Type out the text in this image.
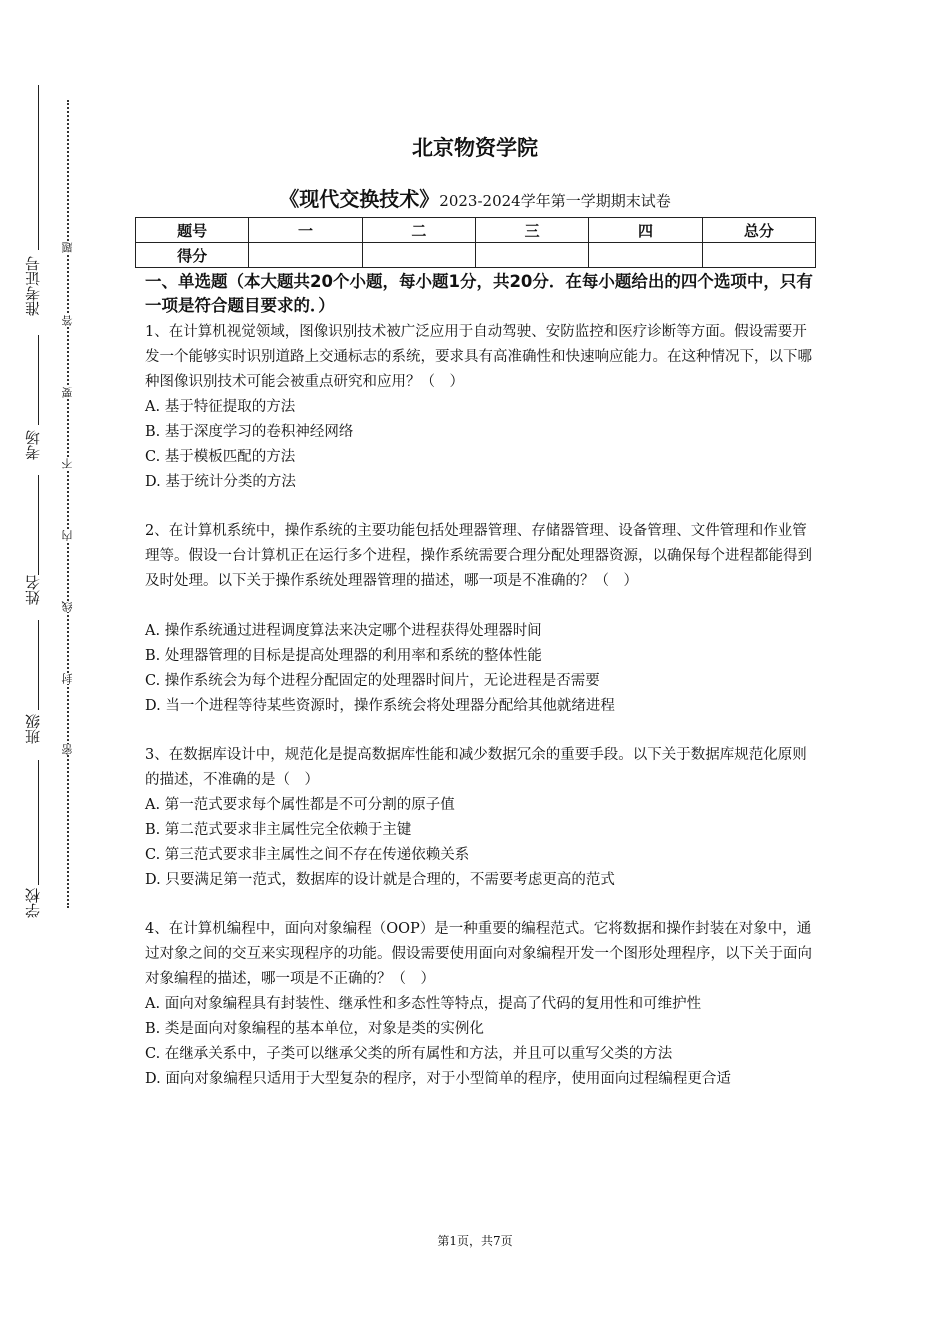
准考证号
考场
姓名
班级
学校
题
答
要
不
内
线
封
密
北京物资学院
《现代交换技术》2023-2024学年第一学期期末试卷
题号	一	二	三	四	总分
得分					
一、单选题（本大题共20个小题，每小题1分，共20分．在每小题给出的四个选项中，只有一项是符合题目要求的．）
1、在计算机视觉领域，图像识别技术被广泛应用于自动驾驶、安防监控和医疗诊断等方面。假设需要开发一个能够实时识别道路上交通标志的系统，要求具有高准确性和快速响应能力。在这种情况下，以下哪种图像识别技术可能会被重点研究和应用？（　）
A. 基于特征提取的方法
B. 基于深度学习的卷积神经网络
C. 基于模板匹配的方法
D. 基于统计分类的方法
2、在计算机系统中，操作系统的主要功能包括处理器管理、存储器管理、设备管理、文件管理和作业管理等。假设一台计算机正在运行多个进程，操作系统需要合理分配处理器资源，以确保每个进程都能得到及时处理。以下关于操作系统处理器管理的描述，哪一项是不准确的？（　）
A. 操作系统通过进程调度算法来决定哪个进程获得处理器时间
B. 处理器管理的目标是提高处理器的利用率和系统的整体性能
C. 操作系统会为每个进程分配固定的处理器时间片，无论进程是否需要
D. 当一个进程等待某些资源时，操作系统会将处理器分配给其他就绪进程
3、在数据库设计中，规范化是提高数据库性能和减少数据冗余的重要手段。以下关于数据库规范化原则的描述，不准确的是（　）
A. 第一范式要求每个属性都是不可分割的原子值
B. 第二范式要求非主属性完全依赖于主键
C. 第三范式要求非主属性之间不存在传递依赖关系
D. 只要满足第一范式，数据库的设计就是合理的，不需要考虑更高的范式
4、在计算机编程中，面向对象编程（OOP）是一种重要的编程范式。它将数据和操作封装在对象中，通过对象之间的交互来实现程序的功能。假设需要使用面向对象编程开发一个图形处理程序，以下关于面向对象编程的描述，哪一项是不正确的？（　）
A. 面向对象编程具有封装性、继承性和多态性等特点，提高了代码的复用性和可维护性
B. 类是面向对象编程的基本单位，对象是类的实例化
C. 在继承关系中，子类可以继承父类的所有属性和方法，并且可以重写父类的方法
D. 面向对象编程只适用于大型复杂的程序，对于小型简单的程序，使用面向过程编程更合适
第1页，共7页
